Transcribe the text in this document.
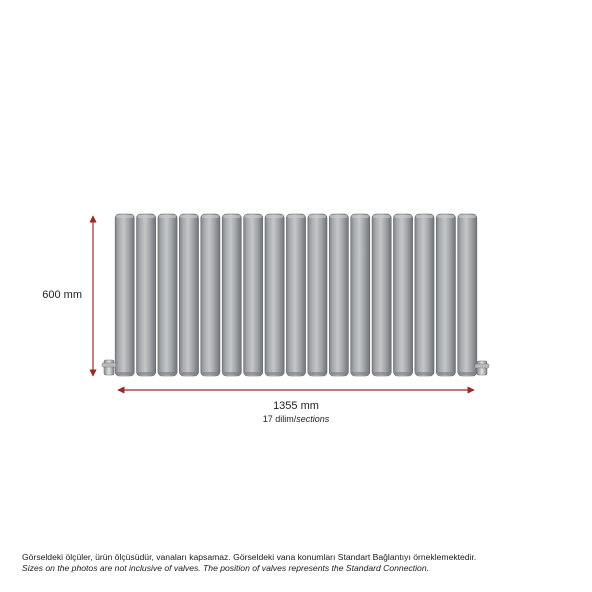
600 mm
1355 mm
17 dilim/sections
Görseldeki ölçüler, ürün ölçüsüdür, vanaları kapsamaz. Görseldeki vana konumları Standart Bağlantıyı örneklemektedir.
Sizes on the photos are not inclusive of valves. The position of valves represents the Standard Connection.
